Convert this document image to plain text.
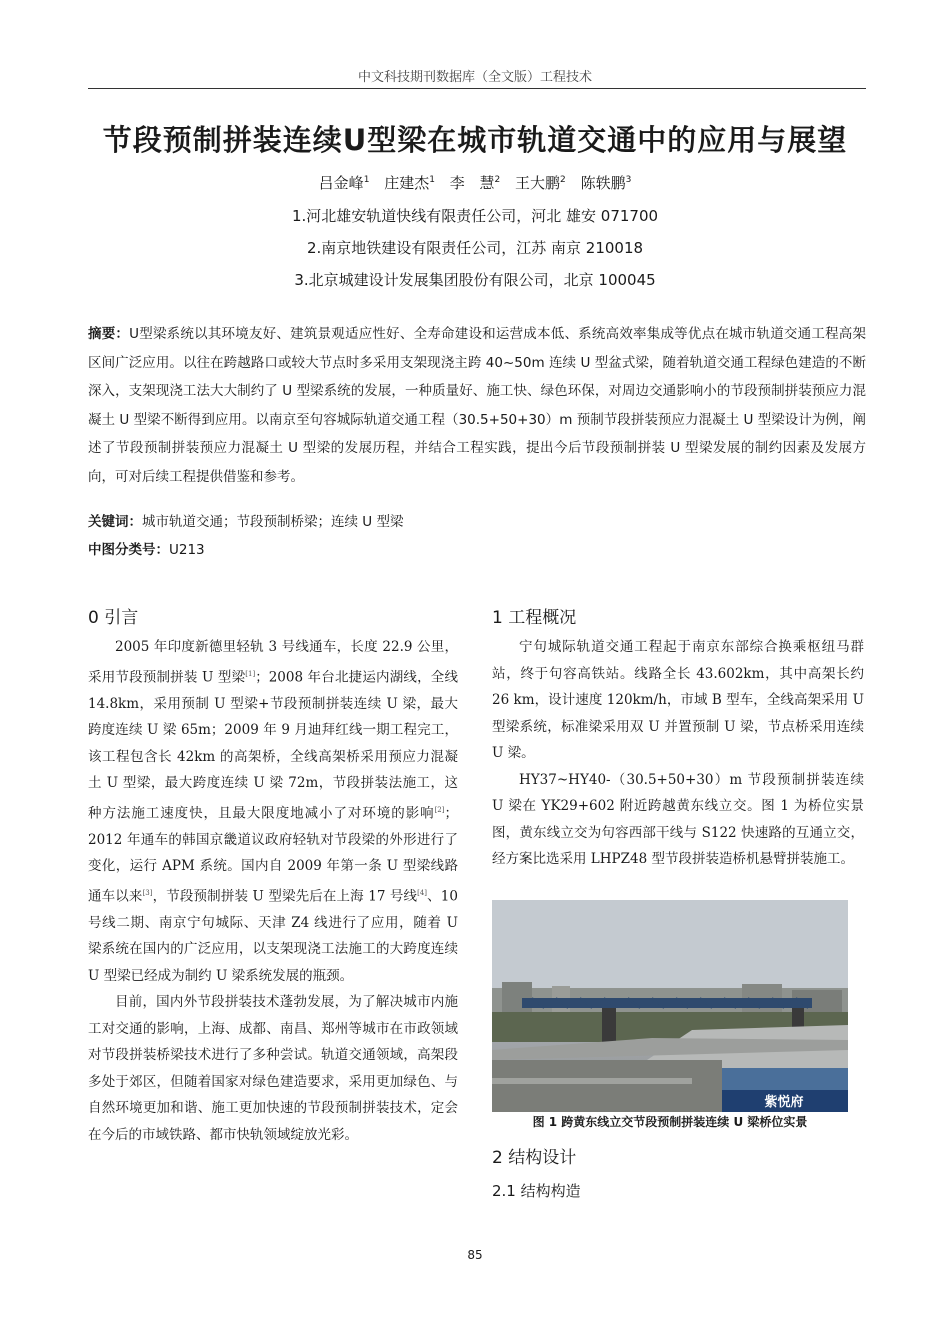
中文科技期刊数据库（全文版）工程技术
节段预制拼装连续U型梁在城市轨道交通中的应用与展望
吕金峰$^1$ 庄建杰$^1$ 李 慧$^2$ 王大鹏$^2$ 陈轶鹏$^3$
1.河北雄安轨道快线有限责任公司，河北 雄安 071700
2.南京地铁建设有限责任公司，江苏 南京 210018
3.北京城建设计发展集团股份有限公司，北京 100045
摘要：U型梁系统以其环境友好、建筑景观适应性好、全寿命建设和运营成本低、系统高效率集成等优点在城市轨道交通工程高架区间广泛应用。以往在跨越路口或较大节点时多采用支架现浇主跨 40~50m 连续 U 型盆式梁，随着轨道交通工程绿色建造的不断深入，支架现浇工法大大制约了 U 型梁系统的发展，一种质量好、施工快、绿色环保，对周边交通影响小的节段预制拼装预应力混凝土 U 型梁不断得到应用。以南京至句容城际轨道交通工程（30.5+50+30）m 预制节段拼装预应力混凝土 U 型梁设计为例，阐述了节段预制拼装预应力混凝土 U 型梁的发展历程，并结合工程实践，提出今后节段预制拼装 U 型梁发展的制约因素及发展方向，可对后续工程提供借鉴和参考。
关键词：城市轨道交通；节段预制桥梁；连续 U 型梁
中图分类号：U213
0 引言

2005 年印度新德里轻轨 3 号线通车，长度 22.9 公里，采用节段预制拼装 U 型梁[1]；2008 年台北捷运内湖线，全线 14.8km，采用预制 U 型梁+节段预制拼装连续 U 梁，最大跨度连续 U 梁 65m；2009 年 9 月迪拜红线一期工程完工，该工程包含长 42km 的高架桥，全线高架桥采用预应力混凝土 U 型梁，最大跨度连续 U 梁 72m，节段拼装法施工，这种方法施工速度快，且最大限度地减小了对环境的影响[2]；2012 年通车的韩国京畿道议政府轻轨对节段梁的外形进行了变化，运行 APM 系统。国内自 2009 年第一条 U 型梁线路通车以来[3]，节段预制拼装 U 型梁先后在上海 17 号线[4]、10 号线二期、南京宁句城际、天津 Z4 线进行了应用，随着 U 梁系统在国内的广泛应用，以支架现浇工法施工的大跨度连续 U 型梁已经成为制约 U 梁系统发展的瓶颈。

目前，国内外节段拼装技术蓬勃发展，为了解决城市内施工对交通的影响，上海、成都、南昌、郑州等城市在市政领域对节段拼装桥梁技术进行了多种尝试。轨道交通领域，高架段多处于郊区，但随着国家对绿色建造要求，采用更加绿色、与自然环境更加和谐、施工更加快速的节段预制拼装技术，定会在今后的市域铁路、都市快轨领域绽放光彩。

1 工程概况

宁句城际轨道交通工程起于南京东部综合换乘枢纽马群站，终于句容高铁站。线路全长 43.602km，其中高架长约 26 km，设计速度 120km/h，市域 B 型车，全线高架采用 U 型梁系统，标准梁采用双 U 并置预制 U 梁，节点桥采用连续 U 梁。

HY37~HY40-（30.5+50+30）m 节段预制拼装连续 U 梁在 YK29+602 附近跨越黄东线立交。图 1 为桥位实景图，黄东线立交为句容西部干线与 S122 快速路的互通立交，经方案比选采用 LHPZ48 型节段拼装造桥机悬臂拼装施工。

紫悦府
图 1 跨黄东线立交节段预制拼装连续 U 梁桥位实景
2 结构设计
2.1 结构构造
85
